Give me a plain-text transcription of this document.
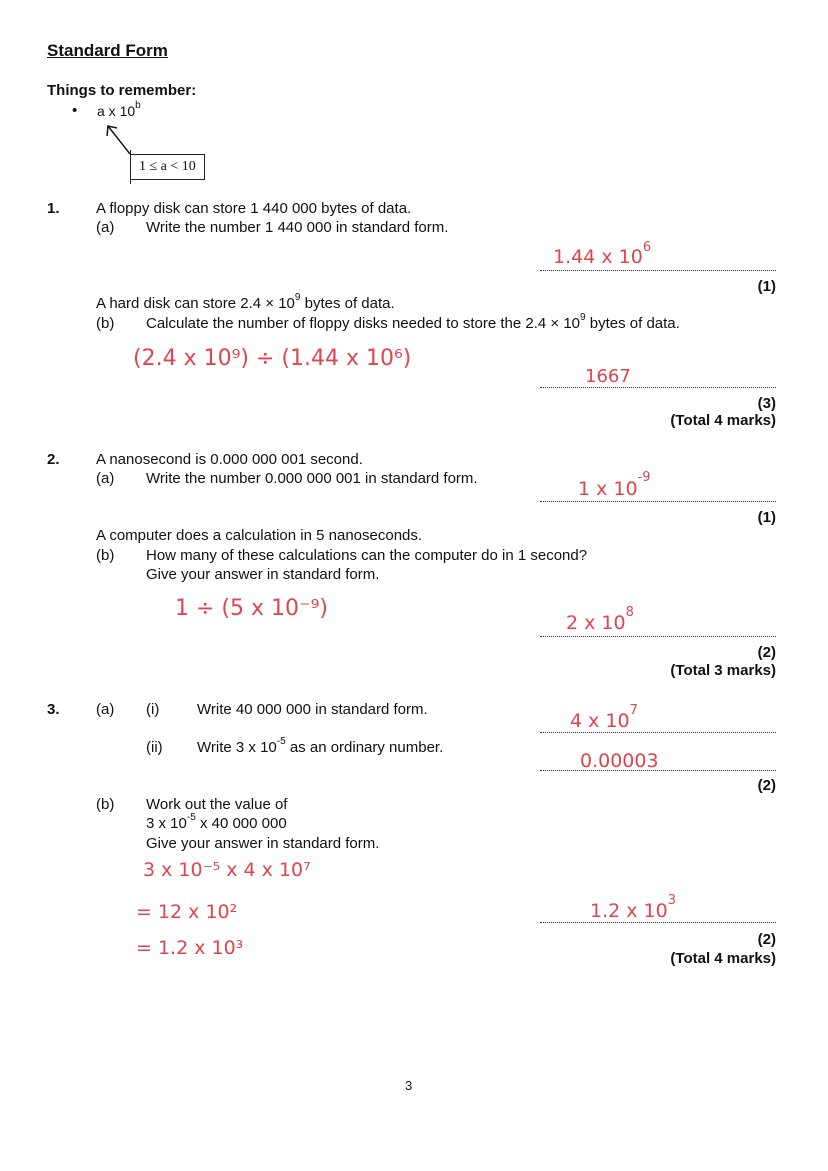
Standard Form
Things to remember:
• a x 10$^b$
1 ≤ a < 10
1. A floppy disk can store 1 440 000 bytes of data.
(a) Write the number 1 440 000 in standard form.
1.44 x $10^6$
(1)
A hard disk can store $2.4 \times 10^9$ bytes of data.
(b) Calculate the number of floppy disks needed to store the $2.4 \times 10^9$ bytes of data.
(2.4 x 10⁹) ÷ (1.44 x 10⁶)
1667
(3)
(Total 4 marks)
2. A nanosecond is 0.000 000 001 second.
(a) Write the number 0.000 000 001 in standard form.	1 x $10^{-9}$
(1)
A computer does a calculation in 5 nanoseconds.
(b) How many of these calculations can the computer do in 1 second?
Give your answer in standard form.
1 ÷ (5 x 10⁻⁹)
2 x $10^8$
(2)
(Total 3 marks)
3. (a) (i)	Write 40 000 000 in standard form.
4 x $10^7$
(ii) Write 3 x $10^{-5}$ as an ordinary number.
0.00003
(2)
(b) Work out the value of
3 x $10^{-5}$ x 40 000 000
Give your answer in standard form.
3 x 10⁻⁵ x 4 x 10⁷
= 12 x 10²
= 1.2 x 10³
1.2 x $10^3$
(2)
(Total 4 marks)
3
